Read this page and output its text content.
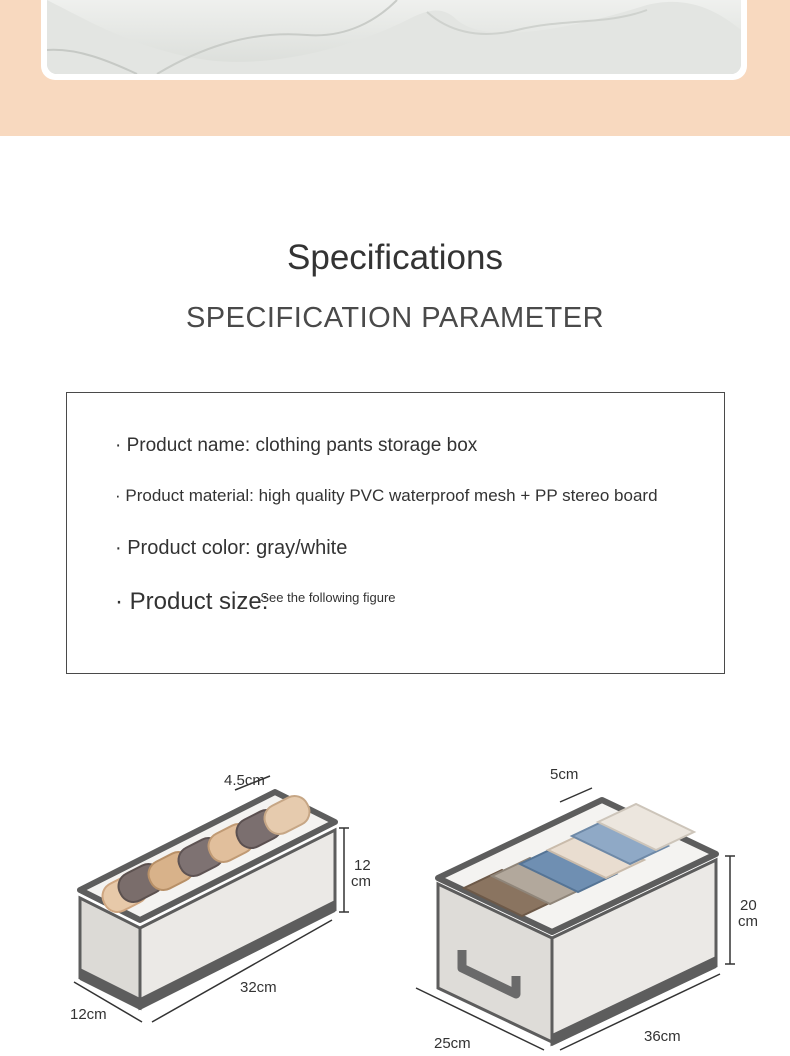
Specifications
SPECIFICATION PARAMETER
· Product name: clothing pants storage box
· Product material: high quality PVC waterproof mesh + PP stereo board
· Product color: gray/white
· Product size:$^{See the following figure}$
4.5cm
12
cm
32cm
12cm
5cm
20
cm
36cm
25cm
